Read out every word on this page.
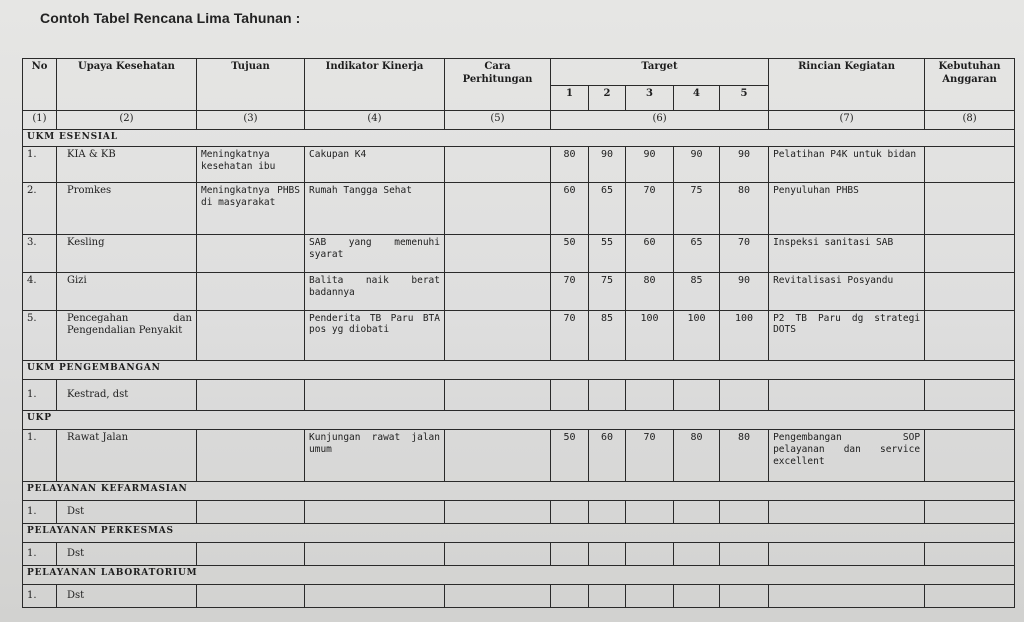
Contoh Tabel Rencana Lima Tahunan :
No	Upaya Kesehatan	Tujuan	Indikator Kinerja	Cara Perhitungan	Target					Rincian Kegiatan	Kebutuhan Anggaran
					1	2	3	4	5		
(1)	(2)	(3)	(4)	(5)	(6)					(7)	(8)
UKM ESENSIAL											
1.	KIA & KB	Meningkatnya kesehatan ibu	Cakupan K4		80	90	90	90	90	Pelatihan P4K untuk bidan	
2.	Promkes	Meningkatnya PHBS di masyarakat	Rumah Tangga Sehat		60	65	70	75	80	Penyuluhan PHBS	
3.	Kesling		SAB yang memenuhi syarat		50	55	60	65	70	Inspeksi sanitasi SAB	
4.	Gizi		Balita naik berat badannya		70	75	80	85	90	Revitalisasi Posyandu	
5.	Pencegahan dan Pengendalian Penyakit		Penderita TB Paru BTA pos yg diobati		70	85	100	100	100	P2 TB Paru dg strategi DOTS	
UKM PENGEMBANGAN											
1.	Kestrad, dst										
UKP											
1.	Rawat Jalan		Kunjungan rawat jalan umum		50	60	70	80	80	Pengembangan SOP pelayanan dan service excellent	
PELAYANAN KEFARMASIAN											
1.	Dst										
PELAYANAN PERKESMAS											
1.	Dst										
PELAYANAN LABORATORIUM											
1.	Dst										
